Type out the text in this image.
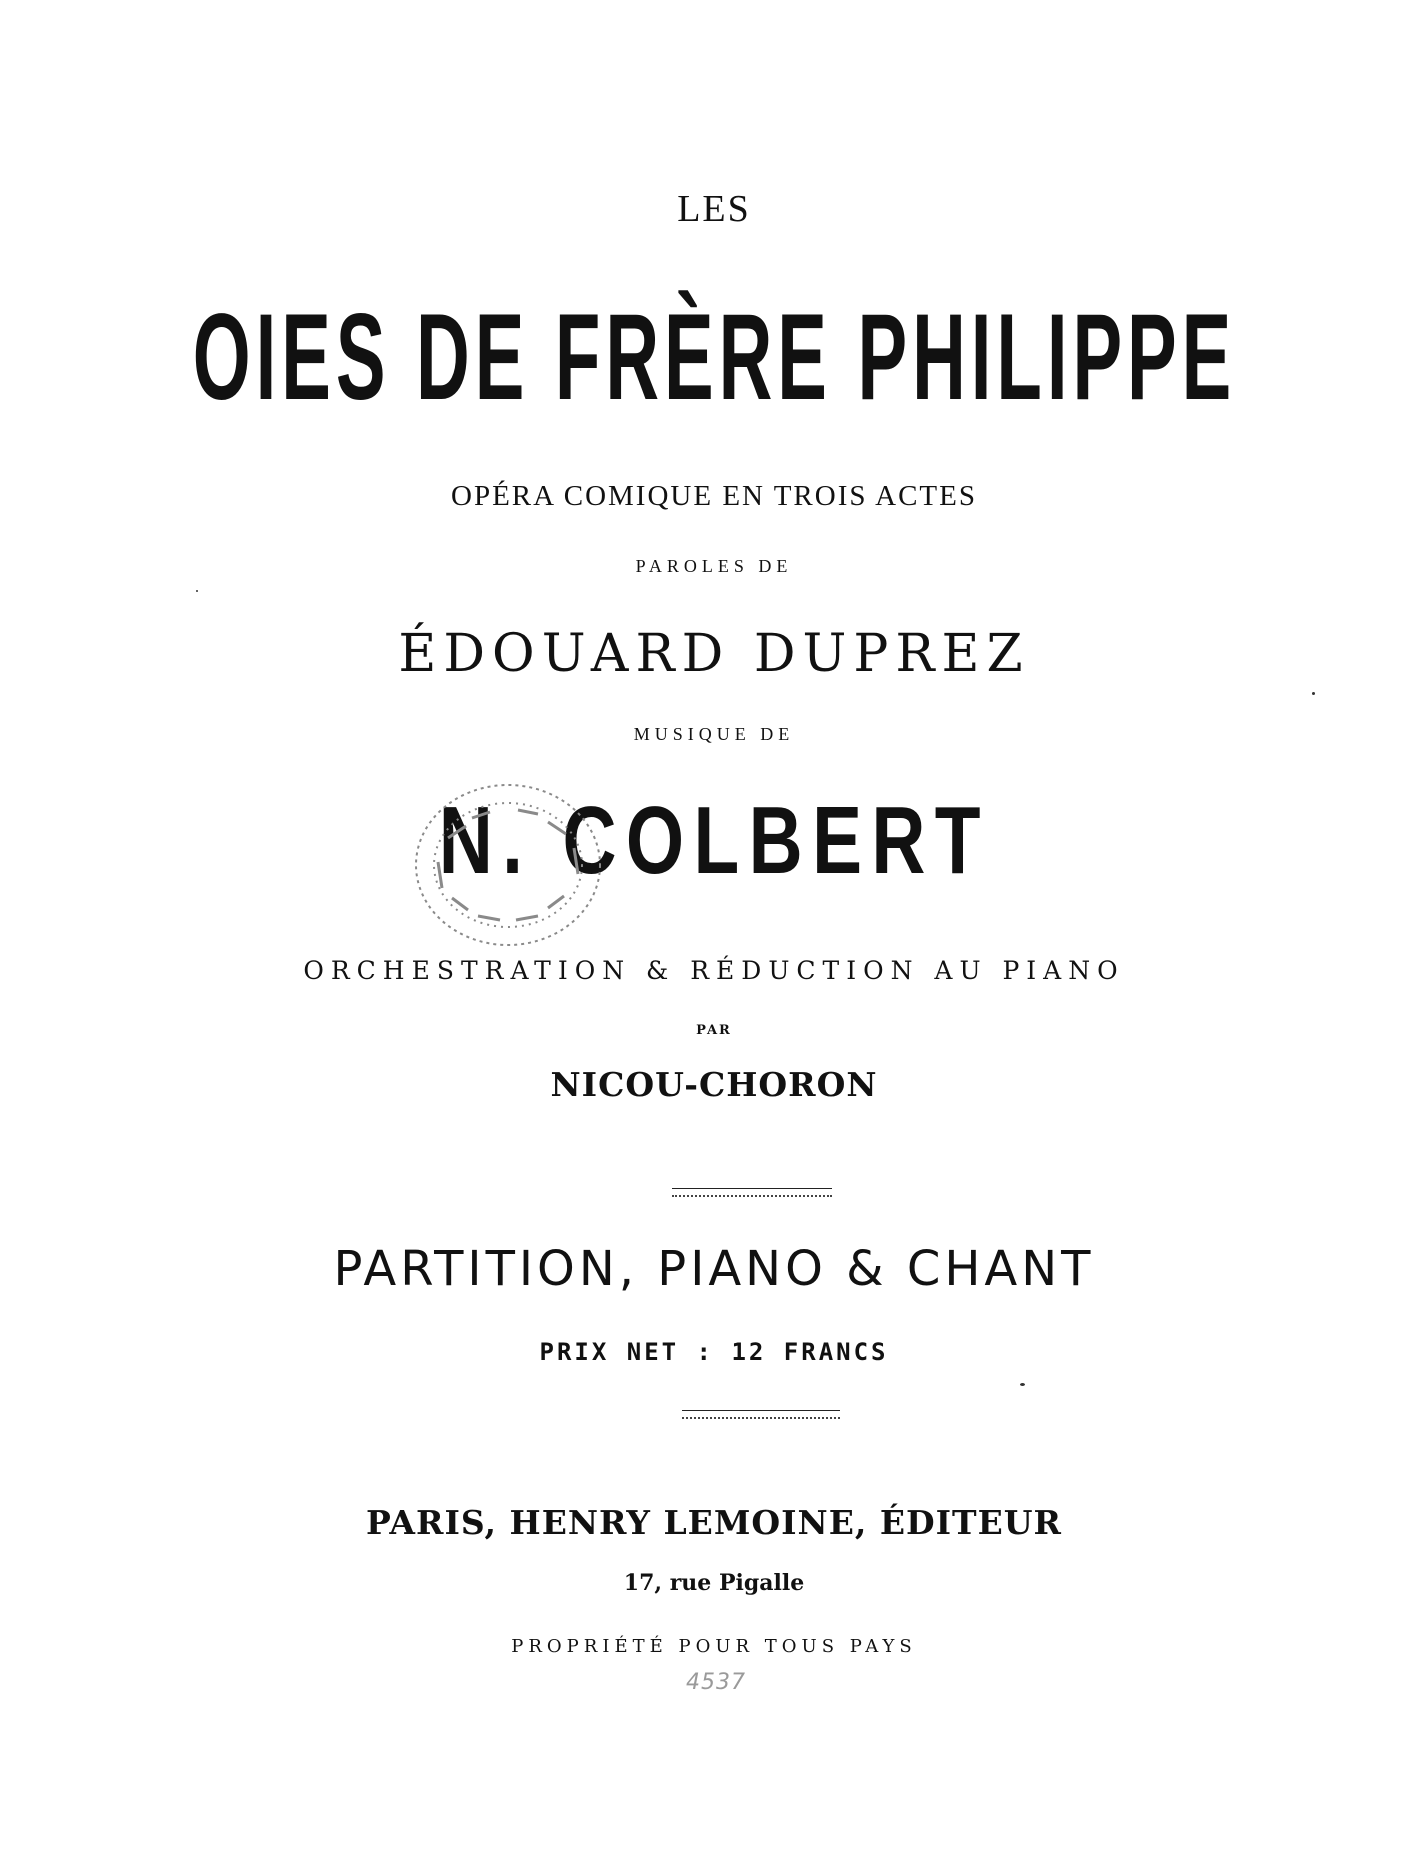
LES
OIES DE FRÈRE PHILIPPE
OPÉRA COMIQUE EN TROIS ACTES
PAROLES DE
ÉDOUARD DUPREZ
MUSIQUE DE
N. COLBERT
ORCHESTRATION & RÉDUCTION AU PIANO
PAR
NICOU-CHORON
PARTITION, PIANO & CHANT
PRIX NET : 12 FRANCS
PARIS, HENRY LEMOINE, ÉDITEUR
17, rue Pigalle
PROPRIÉTÉ POUR TOUS PAYS
4537
